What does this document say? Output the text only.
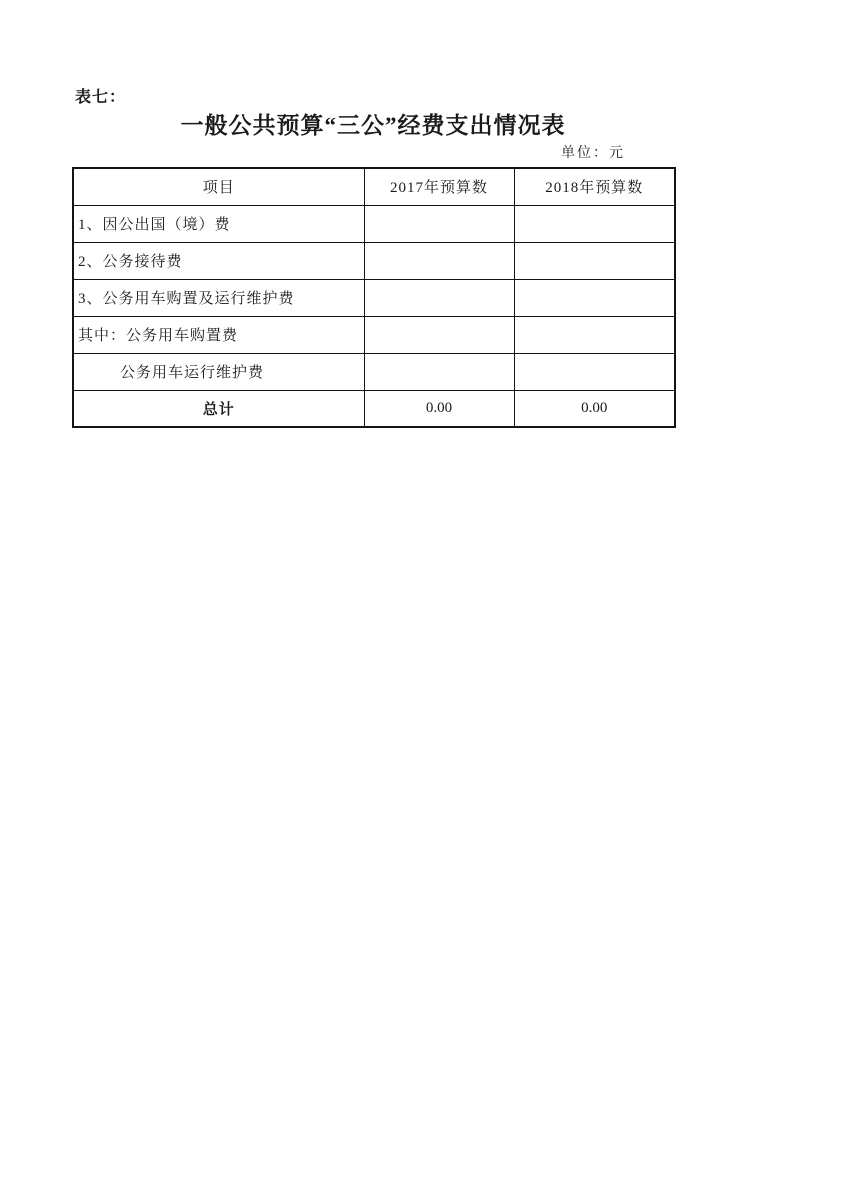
表七：
一般公共预算“三公”经费支出情况表
单位：元
项目	2017年预算数	2018年预算数
1、因公出国（境）费		
2、公务接待费		
3、公务用车购置及运行维护费		
其中：公务用车购置费		
公务用车运行维护费		
总计	0.00	0.00
